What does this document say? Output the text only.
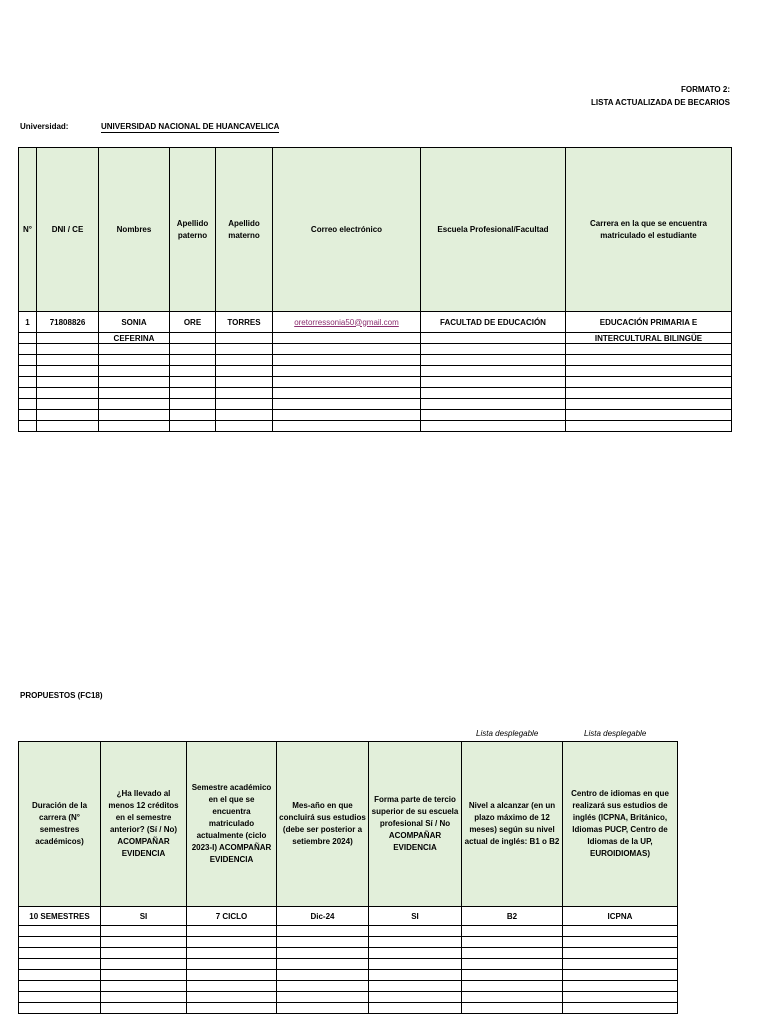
FORMATO 2:
LISTA ACTUALIZADA DE BECARIOS
Universidad:	UNIVERSIDAD NACIONAL DE HUANCAVELICA
N°	DNI / CE	Nombres	Apellido paterno	Apellido materno	Correo electrónico	Escuela Profesional/Facultad	Carrera en la que se encuentra matriculado el estudiante
1	71808826	SONIA	ORE	TORRES	oretorressonia50@gmail.com	FACULTAD DE EDUCACIÓN	EDUCACIÓN PRIMARIA E
		CEFERINA					INTERCULTURAL BILINGÜE

PROPUESTOS (FC18)
Lista desplegable	Lista desplegable
Duración de la carrera (N° semestres académicos)	¿Ha llevado al menos 12 créditos en el semestre anterior? (Sí / No) ACOMPAÑAR EVIDENCIA	Semestre académico en el que se encuentra matriculado actualmente (ciclo 2023-I) ACOMPAÑAR EVIDENCIA	Mes-año en que concluirá sus estudios (debe ser posterior a setiembre 2024)	Forma parte de tercio superior de su escuela profesional Sí / No ACOMPAÑAR EVIDENCIA	Nivel a alcanzar (en un plazo máximo de 12 meses) según su nivel actual de inglés: B1 o B2	Centro de idiomas en que realizará sus estudios de inglés (ICPNA, Británico, Idiomas PUCP, Centro de Idiomas de la UP, EUROIDIOMAS)
10 SEMESTRES	SI	7 CICLO	Dic-24	SI	B2	ICPNA
